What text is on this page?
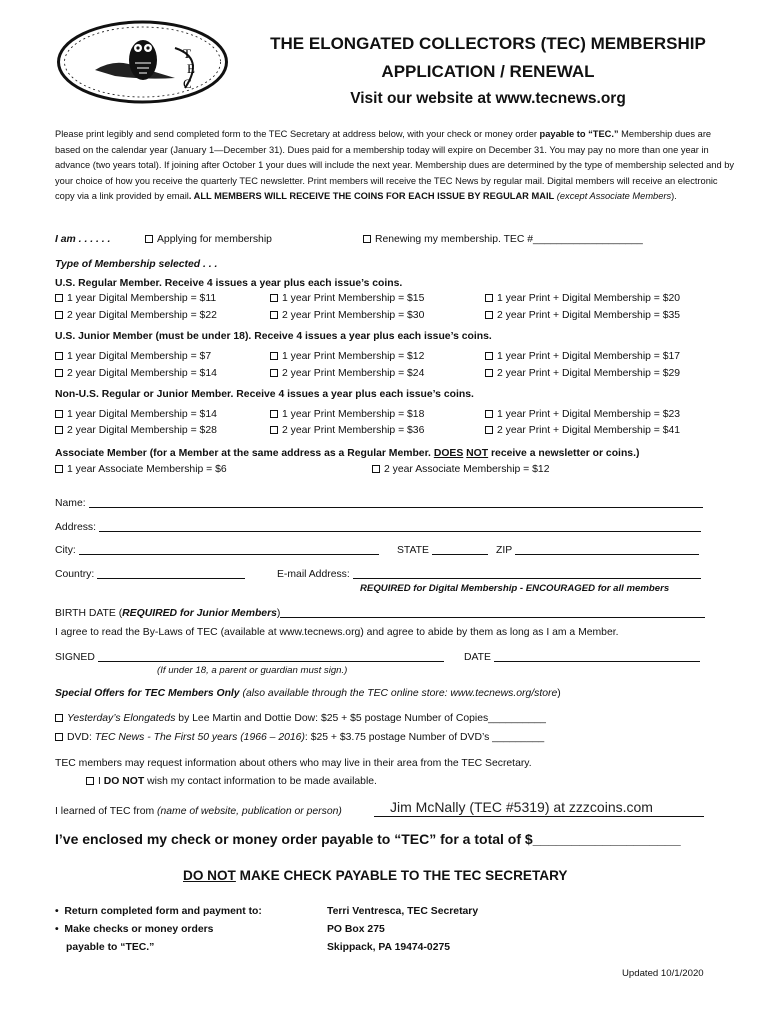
T
E
C
THE ELONGATED COLLECTORS (TEC) MEMBERSHIP
APPLICATION / RENEWAL
Visit our website at www.tecnews.org
Please print legibly and send completed form to the TEC Secretary at address below, with your check or money order payable to “TEC.” Membership dues are based on the calendar year (January 1—December 31). Dues paid for a membership today will expire on December 31. You may pay no more than one year in advance (two years total). If joining after October 1 your dues will include the next year. Membership dues are determined by the type of membership selected and by your choice of how you receive the quarterly TEC newsletter. Print members will receive the TEC News by regular mail. Digital members will receive an electronic copy via a link provided by email. ALL MEMBERS WILL RECEIVE THE COINS FOR EACH ISSUE BY REGULAR MAIL (except Associate Members).
I am . . . . . .	Applying for membership	Renewing my membership. TEC #___________________
Type of Membership selected . . .
U.S. Regular Member. Receive 4 issues a year plus each issue’s coins.
1 year Digital Membership = $11	1 year Print Membership = $15	1 year Print + Digital Membership = $20
2 year Digital Membership = $22	2 year Print Membership = $30	2 year Print + Digital Membership = $35
U.S. Junior Member (must be under 18). Receive 4 issues a year plus each issue’s coins.
1 year Digital Membership = $7	1 year Print Membership = $12	1 year Print + Digital Membership = $17
2 year Digital Membership = $14	2 year Print Membership = $24	2 year Print + Digital Membership = $29
Non-U.S. Regular or Junior Member. Receive 4 issues a year plus each issue’s coins.
1 year Digital Membership = $14	1 year Print Membership = $18	1 year Print + Digital Membership = $23
2 year Digital Membership = $28	2 year Print Membership = $36	2 year Print + Digital Membership = $41
Associate Member (for a Member at the same address as a Regular Member. DOES NOT receive a newsletter or coins.)
1 year Associate Membership = $6	2 year Associate Membership = $12
Name:
Address:
City:	STATE	ZIP
Country:	E-mail Address:
REQUIRED for Digital Membership - ENCOURAGED for all members
BIRTH DATE (REQUIRED for Junior Members)
I agree to read the By-Laws of TEC (available at www.tecnews.org) and agree to abide by them as long as I am a Member.
SIGNED	DATE
(If under 18, a parent or guardian must sign.)
Special Offers for TEC Members Only (also available through the TEC online store: www.tecnews.org/store)
Yesterday’s Elongateds by Lee Martin and Dottie Dow: $25 + $5 postage Number of Copies__________
DVD: TEC News - The First 50 years (1966 – 2016): $25 + $3.75 postage Number of DVD’s _________
TEC members may request information about others who may live in their area from the TEC Secretary.
I DO NOT wish my contact information to be made available.
I learned of TEC from (name of website, publication or person)	Jim McNally (TEC #5319) at zzzcoins.com
I’ve enclosed my check or money order payable to “TEC” for a total of $___________________
DO NOT MAKE CHECK PAYABLE TO THE TEC SECRETARY
•  Return completed form and payment to:
•  Make checks or money orders
payable to “TEC.”
Terri Ventresca, TEC Secretary
PO Box 275
Skippack, PA 19474-0275
Updated 10/1/2020
